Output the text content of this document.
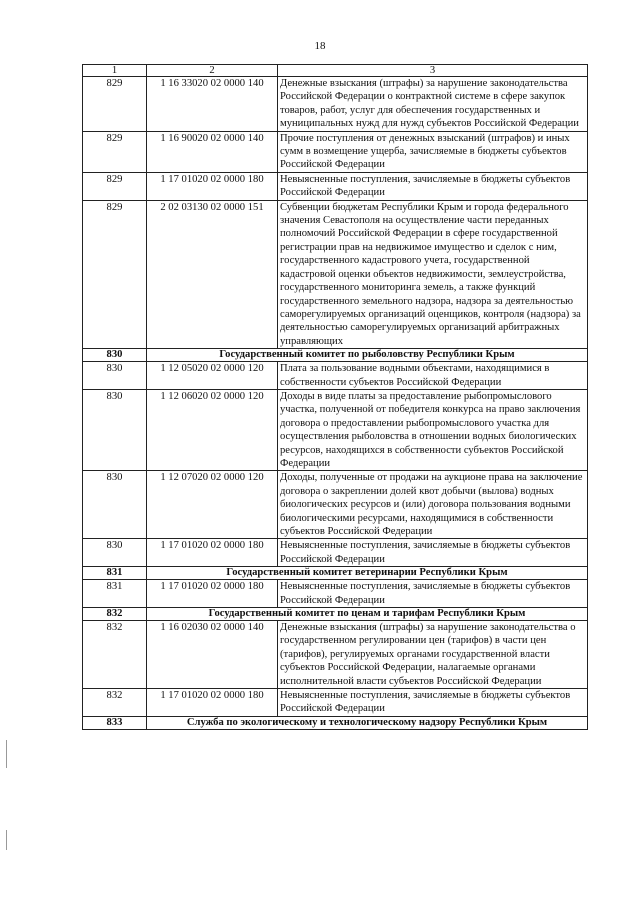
18
1	2	3
829	1 16 33020 02 0000 140	Денежные взыскания (штрафы) за нарушение законодательства Российской Федерации о контрактной системе в сфере закупок товаров, работ, услуг для обеспечения государственных и муниципальных нужд для нужд субъектов Российской Федерации
829	1 16 90020 02 0000 140	Прочие поступления от денежных взысканий (штрафов) и иных сумм в возмещение ущерба, зачисляемые в бюджеты субъектов Российской Федерации
829	1 17 01020 02 0000 180	Невыясненные поступления, зачисляемые в бюджеты субъектов Российской Федерации
829	2 02 03130 02 0000 151	Субвенции бюджетам Республики Крым и города федерального значения Севастополя на осуществление части переданных полномочий Российской Федерации в сфере государственной регистрации прав на недвижимое имущество и сделок с ним, государственного кадастрового учета, государственной кадастровой оценки объектов недвижимости, землеустройства, государственного мониторинга земель, а также функций государственного земельного надзора, надзора за деятельностью саморегулируемых организаций оценщиков, контроля (надзора) за деятельностью саморегулируемых организаций арбитражных управляющих
830	Государственный комитет по рыболовству Республики Крым	
830	1 12 05020 02 0000 120	Плата за пользование водными объектами, находящимися в собственности субъектов Российской Федерации
830	1 12 06020 02 0000 120	Доходы в виде платы за предоставление рыбопромыслового участка, полученной от победителя конкурса на право заключения договора о предоставлении рыбопромыслового участка для осуществления рыболовства в отношении водных биологических ресурсов, находящихся в собственности субъектов Российской Федерации
830	1 12 07020 02 0000 120	Доходы, полученные от продажи на аукционе права на заключение договора о закреплении долей квот добычи (вылова) водных биологических ресурсов и (или) договора пользования водными биологическими ресурсами, находящимися в собственности субъектов Российской Федерации
830	1 17 01020 02 0000 180	Невыясненные поступления, зачисляемые в бюджеты субъектов Российской Федерации
831	Государственный комитет ветеринарии Республики Крым	
831	1 17 01020 02 0000 180	Невыясненные поступления, зачисляемые в бюджеты субъектов Российской Федерации
832	Государственный комитет по ценам и тарифам Республики Крым	
832	1 16 02030 02 0000 140	Денежные взыскания (штрафы) за нарушение законодательства о государственном регулировании цен (тарифов) в части цен (тарифов), регулируемых органами государственной власти субъектов Российской Федерации, налагаемые органами исполнительной власти субъектов Российской Федерации
832	1 17 01020 02 0000 180	Невыясненные поступления, зачисляемые в бюджеты субъектов Российской Федерации
833	Служба по экологическому и технологическому надзору Республики Крым	
